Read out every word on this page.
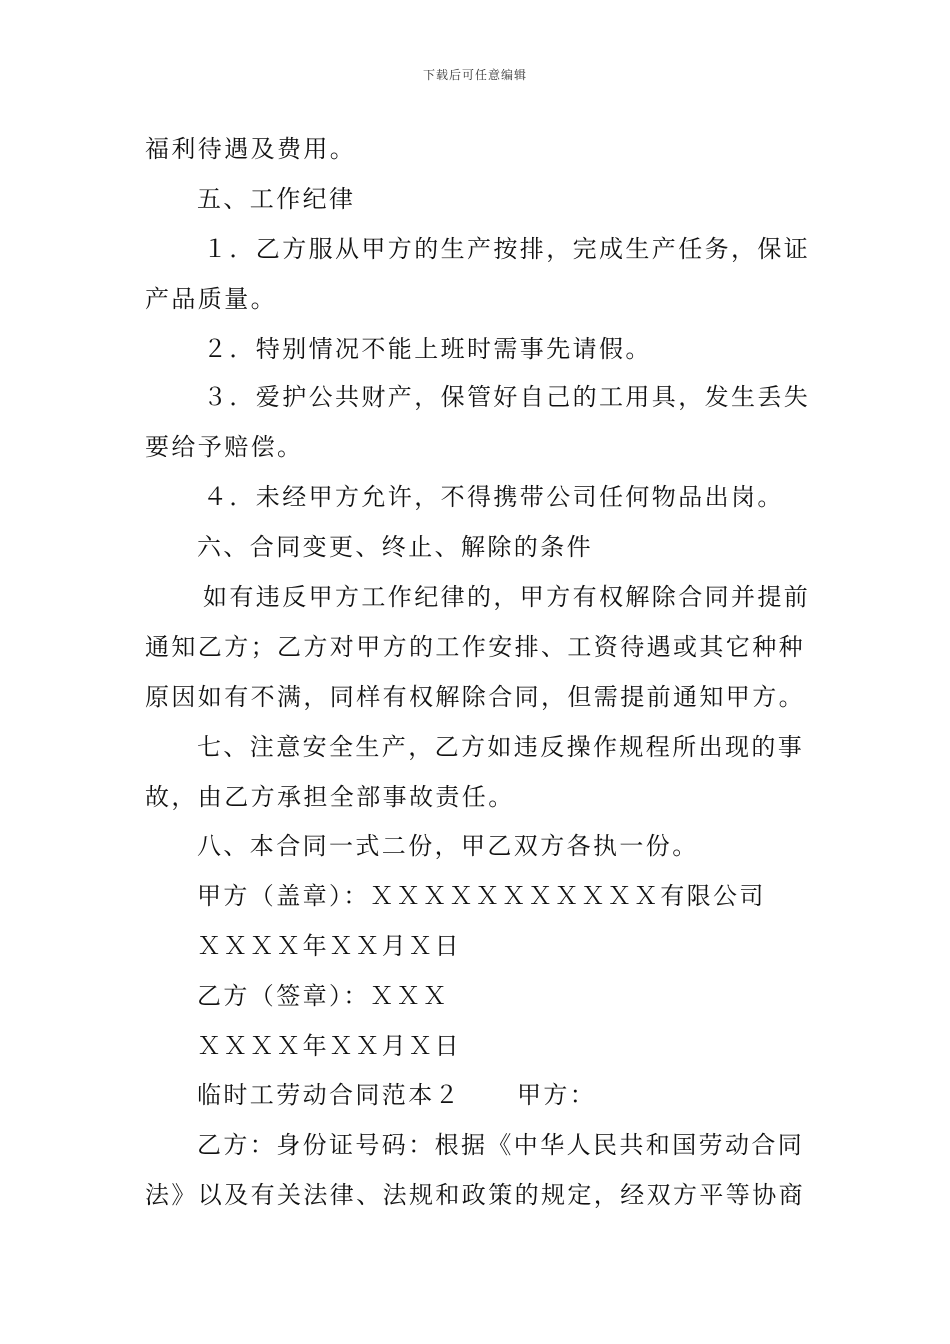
下载后可任意编辑
福利待遇及费用。
五、工作纪律
１．乙方服从甲方的生产按排，完成生产任务，保证
产品质量。
２．特别情况不能上班时需事先请假。
３．爱护公共财产，保管好自己的工用具，发生丢失
要给予赔偿。
４．未经甲方允许，不得携带公司任何物品出岗。
六、合同变更、终止、解除的条件
如有违反甲方工作纪律的，甲方有权解除合同并提前
通知乙方；乙方对甲方的工作安排、工资待遇或其它种种
原因如有不满，同样有权解除合同，但需提前通知甲方。
七、注意安全生产，乙方如违反操作规程所出现的事
故，由乙方承担全部事故责任。
八、本合同一式二份，甲乙双方各执一份。
甲方（盖章）：ＸＸＸＸＸＸＸＸＸＸＸ有限公司
ＸＸＸＸ年ＸＸ月Ｘ日
乙方（签章）：ＸＸＸ
ＸＸＸＸ年ＸＸ月Ｘ日
临时工劳动合同范本２ 甲方：
乙方：身份证号码：根据《中华人民共和国劳动合同
法》以及有关法律、法规和政策的规定，经双方平等协商
